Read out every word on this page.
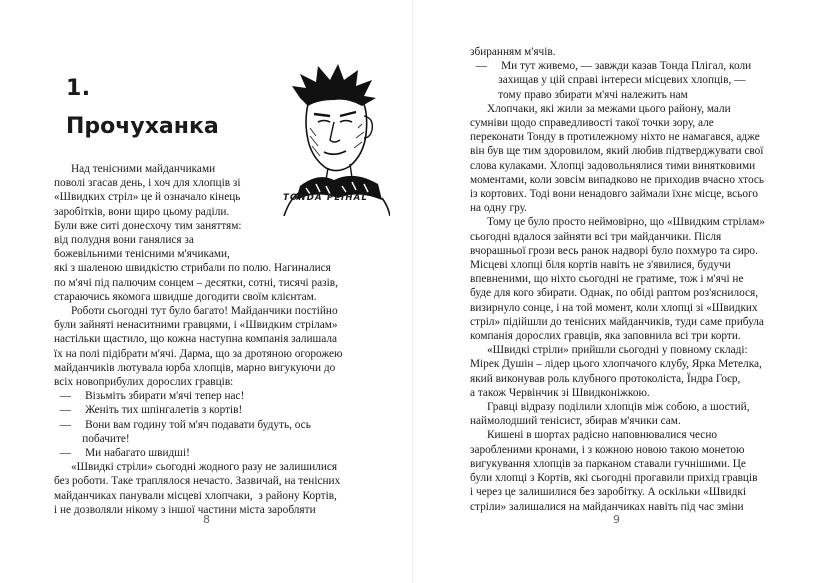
1.
Прочуханка
TONDA PLÍHAL
Над тенісними майданчиками
поволі згасав день, і хоч для хлопців зі
«Швидких стріл» це й означало кінець
заробітків, вони щиро цьому раділи.
Були вже ситі донесхочу тим заняттям:
від полудня вони ганялися за
божевільними тенісними м'ячиками,
які з шаленою швидкістю стрибали по полю. Нагиналися
по м'ячі під палючим сонцем – десятки, сотні, тисячі разів,
стараючись якомога швидше догодити своїм клієнтам.
Роботи сьогодні тут було багато! Майданчики постійно
були зайняті ненаситними гравцями, і «Швидким стрілам»
настільки щастило, що кожна наступна компанія залишала
їх на полі підібрати м'ячі. Дарма, що за дротяною огорожею
майданчиків лютувала юрба хлопців, марно вигукуючи до
всіх новоприбулих дорослих гравців:
—     Візьміть збирати м'ячі тепер нас!
—     Женіть тих шпінгалетів з кортів!
—     Вони вам годину той м'яч подавати будуть, ось
побачите!
—     Ми набагато швидші!
«Швидкі стріли» сьогодні жодного разу не залишилися
без роботи. Таке траплялося нечасто. Зазвичай, на тенісних
майданчиках панували місцеві хлопчаки,  з району Кортів,
і не дозволяли нікому з іншої частини міста заробляти
8	9
збиранням м'ячів.
—     Ми тут живемо, — завжди казав Тонда Плігал, коли
захищав у цій справі інтереси місцевих хлопців, —
тому право збирати м'ячі належить нам
Хлопчаки, які жили за межами цього району, мали
сумніви щодо справедливості такої точки зору, але
переконати Тонду в протилежному ніхто не намагався, адже
він був ще тим здоровилом, який любив підтверджувати свої
слова кулаками. Хлопці задовольнялися тими винятковими
моментами, коли зовсім випадково не приходив вчасно хтось
із кортових. Тоді вони ненадовго займали їхнє місце, всього
на одну гру.
Тому це було просто неймовірно, що «Швидким стрілам»
сьогодні вдалося зайняти всі три майданчики. Після
вчорашньої грози весь ранок надворі було похмуро та сиро.
Місцеві хлопці біля кортів навіть не з'явилися, будучи
впевненими, що ніхто сьогодні не гратиме, тож і м'ячі не
буде для кого збирати. Однак, по обіді раптом роз'яснилося,
визирнуло сонце, і на той момент, коли хлопці зі «Швидких
стріл» підійшли до тенісних майданчиків, туди саме прибула
компанія дорослих гравців, яка заповнила всі три корти.
«Швидкі стріли» прийшли сьогодні у повному складі:
Мірек Душін – лідер цього хлопчачого клубу, Ярка Метелка,
який виконував роль клубного протоколіста, Їндра Гоєр,
а також Червінчик зі Швидконіжкою.
Гравці відразу поділили хлопців між собою, а шостий,
наймолодший тенісист, збирав м'ячики сам.
Кишені в шортах радісно наповнювалися чесно
заробленими кронами, і з кожною новою такою монетою
вигукування хлопців за парканом ставали гучнішими. Це
були хлопці з Кортів, які сьогодні прогавили прихід гравців
і через це залишилися без заробітку. А оскільки «Швидкі
стріли» залишалися на майданчиках навіть під час зміни
